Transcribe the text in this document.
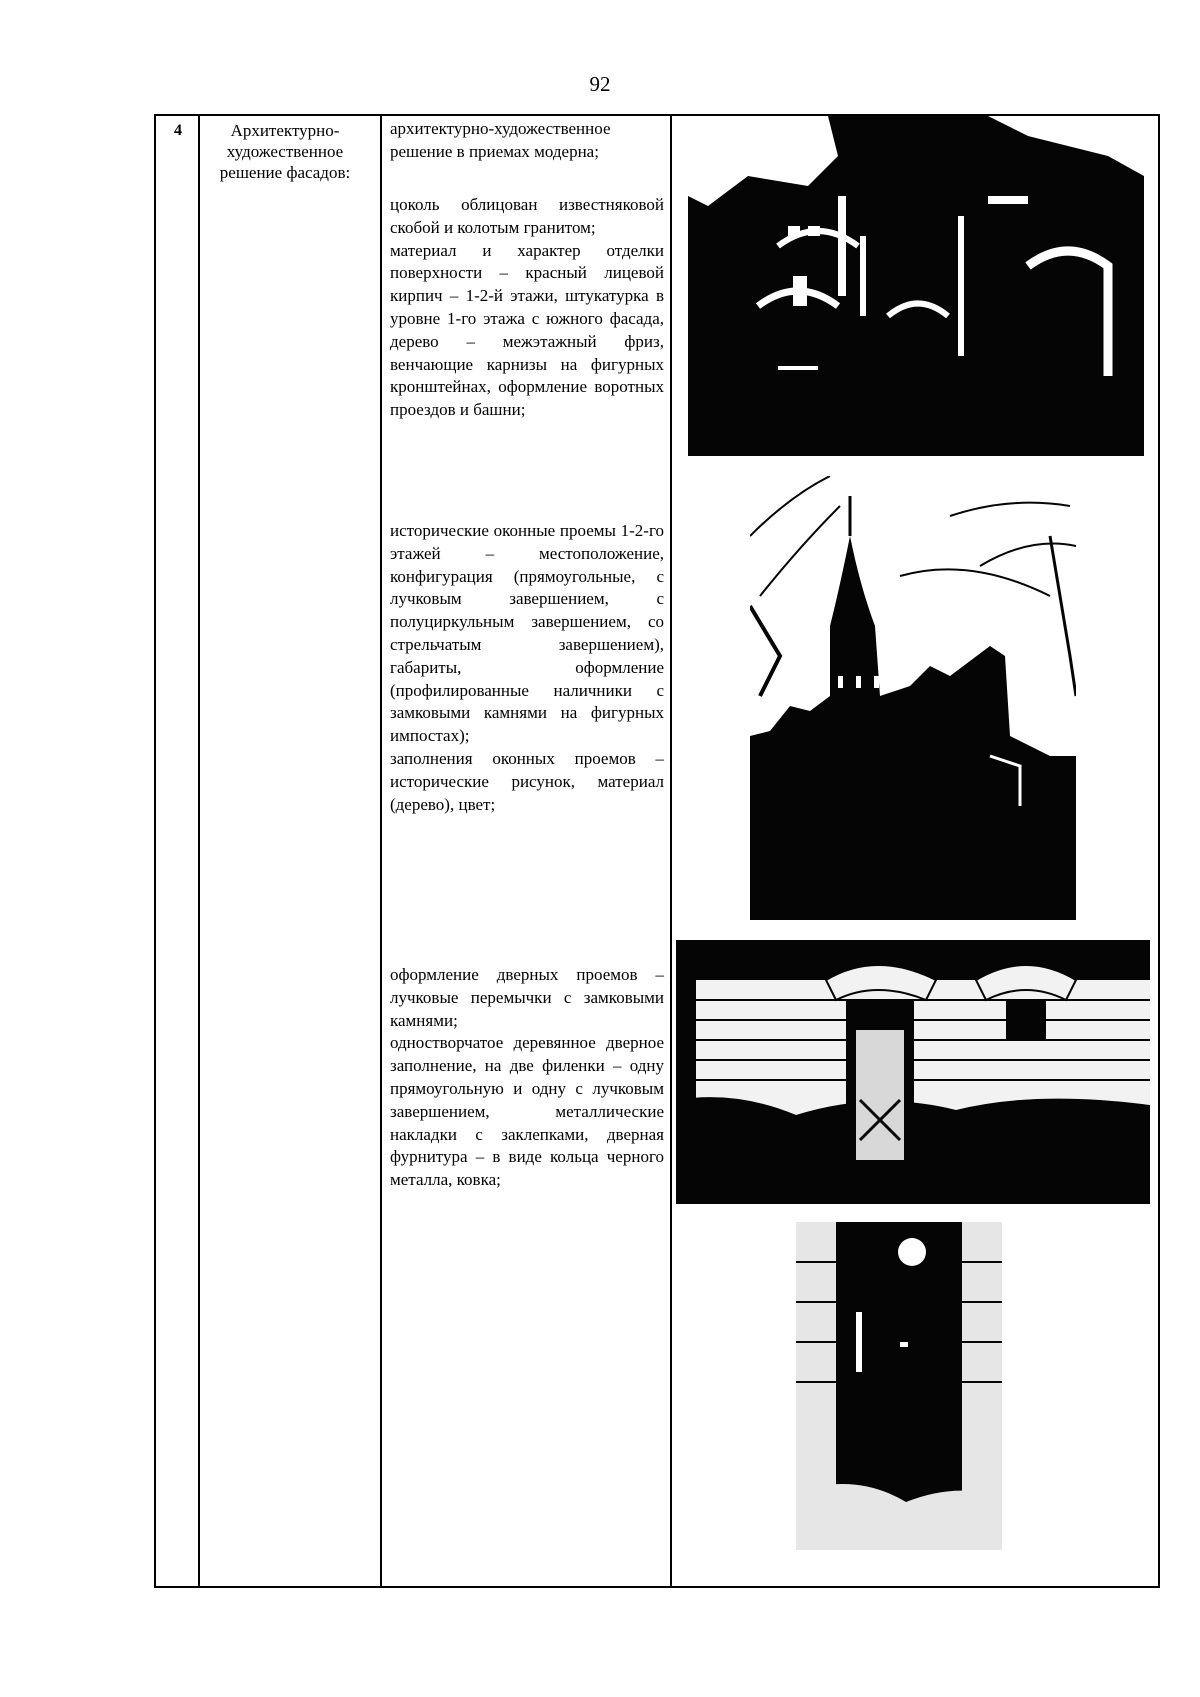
92
4	Архитектурно-художественное решение фасадов:

архитектурно-художественное решение в приемах модерна;

цоколь облицован известняковой скобой и колотым гранитом;

материал и характер отделки поверхности – красный лицевой кирпич – 1-2-й этажи, штукатурка в уровне 1-го этажа с южного фасада, дерево – межэтажный фриз, венчающие карнизы на фигурных кронштейнах, оформление воротных проездов и башни;

исторические оконные проемы 1-2-го этажей – местоположение, конфигурация (прямоугольные, с лучковым завершением, с полуциркульным завершением, со стрельчатым завершением), габариты, оформление (профилированные наличники с замковыми камнями на фигурных импостах);

заполнения оконных проемов – исторические рисунок, материал (дерево), цвет;

оформление дверных проемов – лучковые перемычки с замковыми камнями;

одностворчатое деревянное дверное заполнение, на две филенки – одну прямоугольную и одну с лучковым завершением, металлические накладки с заклепками, дверная фурнитура – в виде кольца черного металла, ковка;
